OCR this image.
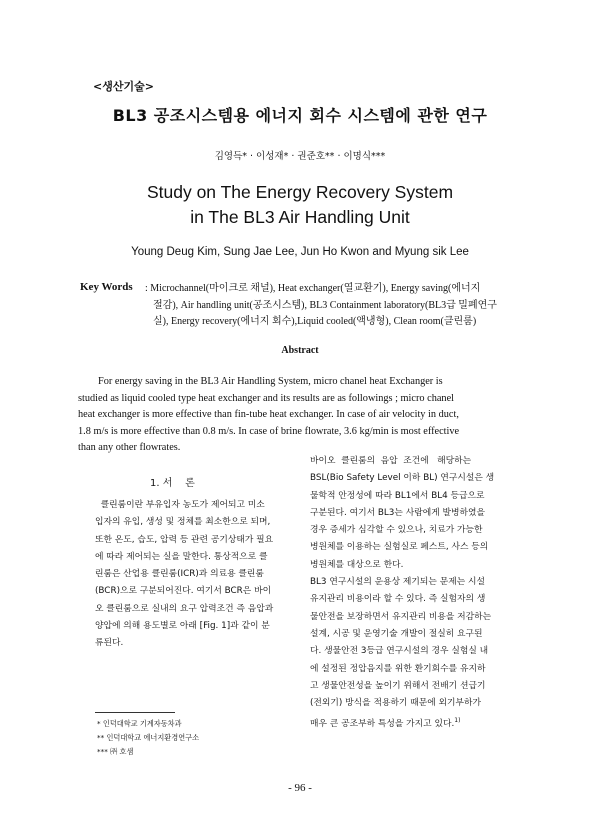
<생산기술>
BL3 공조시스템용 에너지 회수 시스템에 관한 연구
김영득* · 이성재* · 권준호** · 이명식***
Study on The Energy Recovery System
in The BL3 Air Handling Unit
Young Deug Kim, Sung Jae Lee, Jun Ho Kwon and Myung sik Lee
Key Words : Microchannel(마이크로 채널), Heat exchanger(열교환기), Energy saving(에너지
절감), Air handling unit(공조시스템), BL3 Containment laboratory(BL3급 밀폐연구
실), Energy recovery(에너지 회수),Liquid cooled(액냉형), Clean room(클린룸)
Abstract
For energy saving in the BL3 Air Handling System, micro chanel heat Exchanger is
studied as liquid cooled type heat exchanger and its results are as followings ; micro chanel
heat exchanger is more effective than fin-tube heat exchanger. In case of air velocity in duct,
1.8 m/s is more effective than 0.8 m/s. In case of brine flowrate, 3.6 kg/min is most effective
than any other flowrates.
1. 서    론
클린룸이란 부유입자 농도가 제어되고 미소
입자의 유입, 생성 및 정체를 최소한으로 되며,
또한 온도, 습도, 압력 등 관련 공기상태가 필요
에 따라 제어되는 실을 말한다. 통상적으로 클
린룸은 산업용 클린룸(ICR)과 의료용 클린룸
(BCR)으로 구분되어진다. 여기서 BCR은 바이
오 클린룸으로 실내의 요구 압력조건 즉 음압과
양압에 의해 용도별로 아래 [Fig. 1]과 같이 분
류된다.
바이오  클린룸의  음압  조건에   해당하는
BSL(Bio Safety Level 이하 BL) 연구시설은 생
물학적 안정성에 따라 BL1에서 BL4 등급으로
구분된다. 여기서 BL3는 사람에게 발병하였을
경우 증세가 심각할 수 있으나, 치료가 가능한
병원체를 이용하는 실험실로 페스트, 사스 등의
병원체를 대상으로 한다.
BL3 연구시설의 운용상 제기되는 문제는 시설
유지관리 비용이라 할 수 있다. 즉 실험자의 생
물안전을 보장하면서 유지관리 비용을 저감하는
설계, 시공 및 운영기술 개발이 절실히 요구된
다. 생물안전 3등급 연구시설의 경우 실험실 내
에 설정된 정압음지를 위한 환기회수를 유지하
고 생물안전성을 높이기 위해서 전배기 션급기
(전외기) 방식을 적용하기 때문에 외기부하가
매우 큰 공조부하 특성을 가지고 있다.$^{1)}$
* 인덕대학교 기계자동차과
** 인덕대학교 에너지환경연구소
*** ㈜ 호샘
- 96 -
